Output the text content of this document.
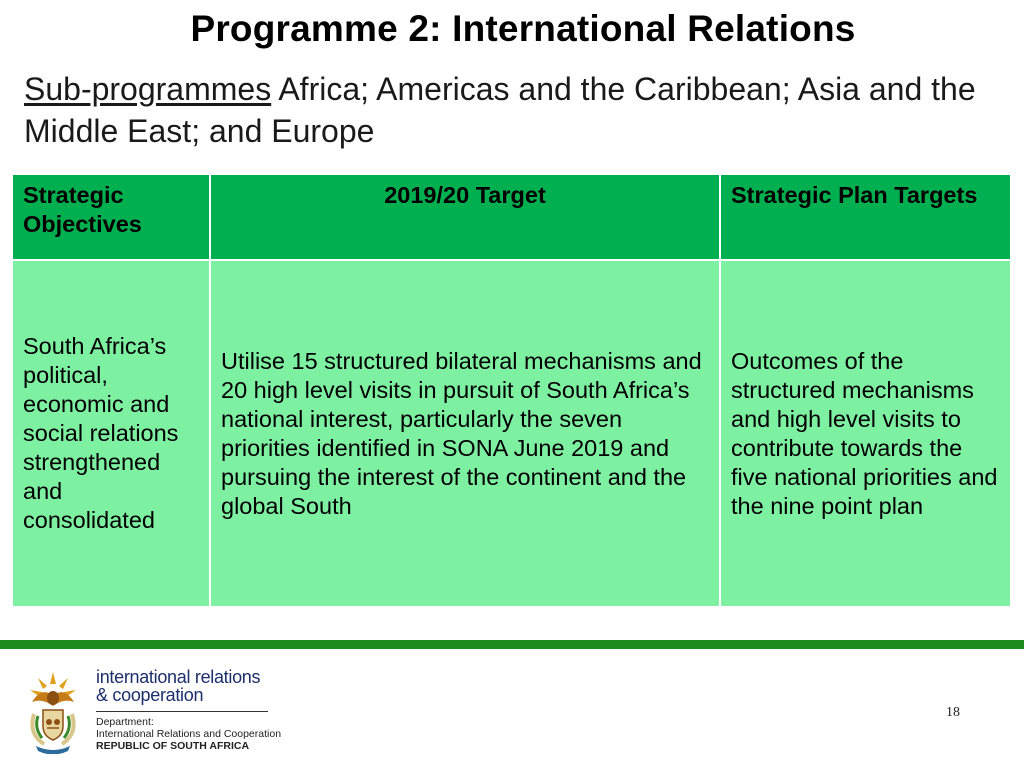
Programme 2: International Relations
Sub-programmes Africa; Americas and the Caribbean; Asia and the Middle East; and Europe
Strategic Objectives	2019/20 Target	Strategic Plan Targets
South Africa’s political, economic and social relations strengthened and consolidated	Utilise 15 structured bilateral mechanisms and 20 high level visits in pursuit of South Africa’s national interest, particularly the seven priorities identified in SONA June 2019 and pursuing the interest of the continent and the global South	Outcomes of the structured mechanisms and high level visits to contribute towards the five national priorities and the nine point plan
international relations
& cooperation
Department:
International Relations and Cooperation
REPUBLIC OF SOUTH AFRICA
18
